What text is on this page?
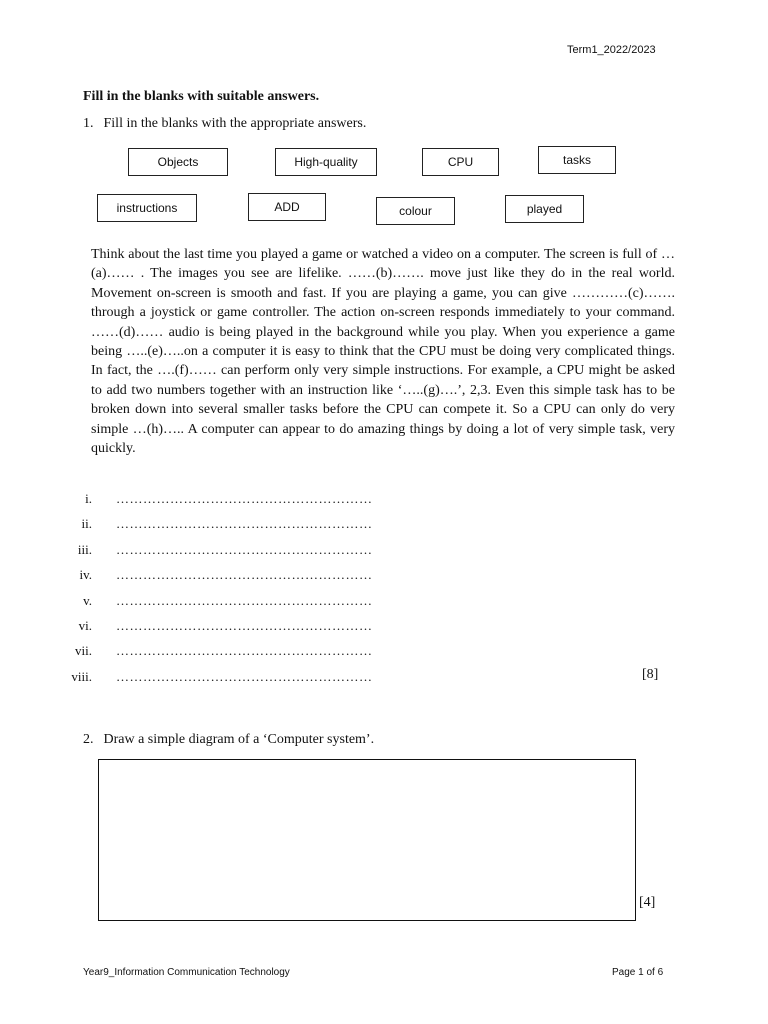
Term1_2022/2023
Fill in the blanks with suitable answers.
1. Fill in the blanks with the appropriate answers.
Objects	High-quality	CPU	tasks
instructions	ADD	colour	played

Think about the last time you played a game or watched a video on a computer. The screen is full of …(a)…… . The images you see are lifelike. ……(b)……. move just like they do in the real world. Movement on-screen is smooth and fast. If you are playing a game, you can give …………(c)……. through a joystick or game controller. The action on-screen responds immediately to your command. ……(d)…… audio is being played in the background while you play. When you experience a game being …..(e)…..on a computer it is easy to think that the CPU must be doing very complicated things. In fact, the ….(f)…… can perform only very simple instructions. For example, a CPU might be asked to add two numbers together with an instruction like ‘…..(g)….’, 2,3. Even this simple task has to be broken down into several smaller tasks before the CPU can compete it. So a CPU can only do very simple …(h)….. A computer can appear to do amazing things by doing a lot of very simple task, very quickly.

i. …………………………………………………
ii. …………………………………………………
iii. …………………………………………………
iv. …………………………………………………
v. …………………………………………………
vi. …………………………………………………
vii. …………………………………………………
viii. …………………………………………………	[8]
2. Draw a simple diagram of a ‘Computer system’.
[4]
Year9_Information Communication Technology	Page 1 of 6
